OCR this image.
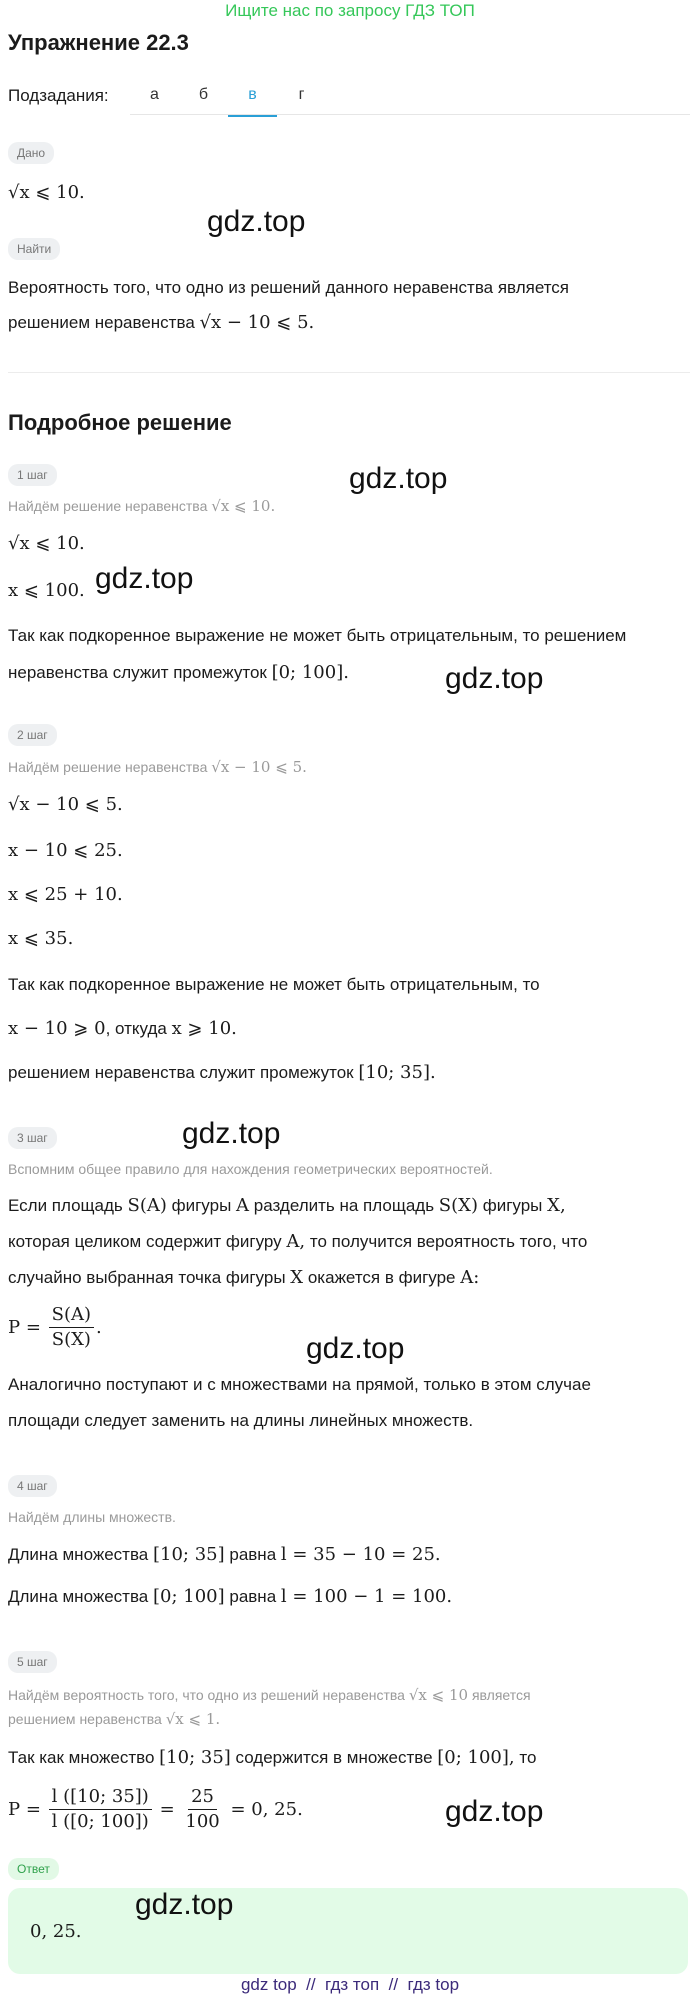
Ищите нас по запросу ГДЗ ТОП
Упражнение 22.3
Подзадания:	а	б	в	г
Дано
√x ⩽ 10.
gdz.top
Найти
Вероятность того, что одно из решений данного неравенства является
решением неравенства √x − 10 ⩽ 5.
Подробное решение
1 шаг	gdz.top
Найдём решение неравенства √x ⩽ 10.
√x ⩽ 10.
x ⩽ 100. gdz.top
Так как подкоренное выражение не может быть отрицательным, то решением
неравенства служит промежуток [0; 100].	gdz.top
2 шаг
Найдём решение неравенства √x − 10 ⩽ 5.
√x − 10 ⩽ 5.
x − 10 ⩽ 25.
x ⩽ 25 + 10.
x ⩽ 35.
Так как подкоренное выражение не может быть отрицательным, то
x − 10 ⩾ 0, откуда x ⩾ 10.
решением неравенства служит промежуток [10; 35].
3 шаг	gdz.top
Вспомним общее правило для нахождения геометрических вероятностей.
Если площадь S(A) фигуры A разделить на площадь S(X) фигуры X,
которая целиком содержит фигуру A, то получится вероятность того, что
случайно выбранная точка фигуры X окажется в фигуре A:
P =
$\frac{S(A)}{S(X)}$ .
gdz.top
Аналогично поступают и с множествами на прямой, только в этом случае
площади следует заменить на длины линейных множеств.
4 шаг
Найдём длины множеств.
Длина множества [10; 35] равна l = 35 − 10 = 25.
Длина множества [0; 100] равна l = 100 − 1 = 100.
5 шаг
Найдём вероятность того, что одно из решений неравенства √x ⩽ 10 является
решением неравенства √x ⩽ 1.
Так как множество [10; 35] содержится в множестве [0; 100], то
P =
$\frac{l ([10; 35])}{l ([0; 100])}$
=
$\frac{25}{100}$
= 0, 25.	gdz.top
Ответ
0, 25.
gdz.top
gdz top  //  гдз топ  //  гдз top
